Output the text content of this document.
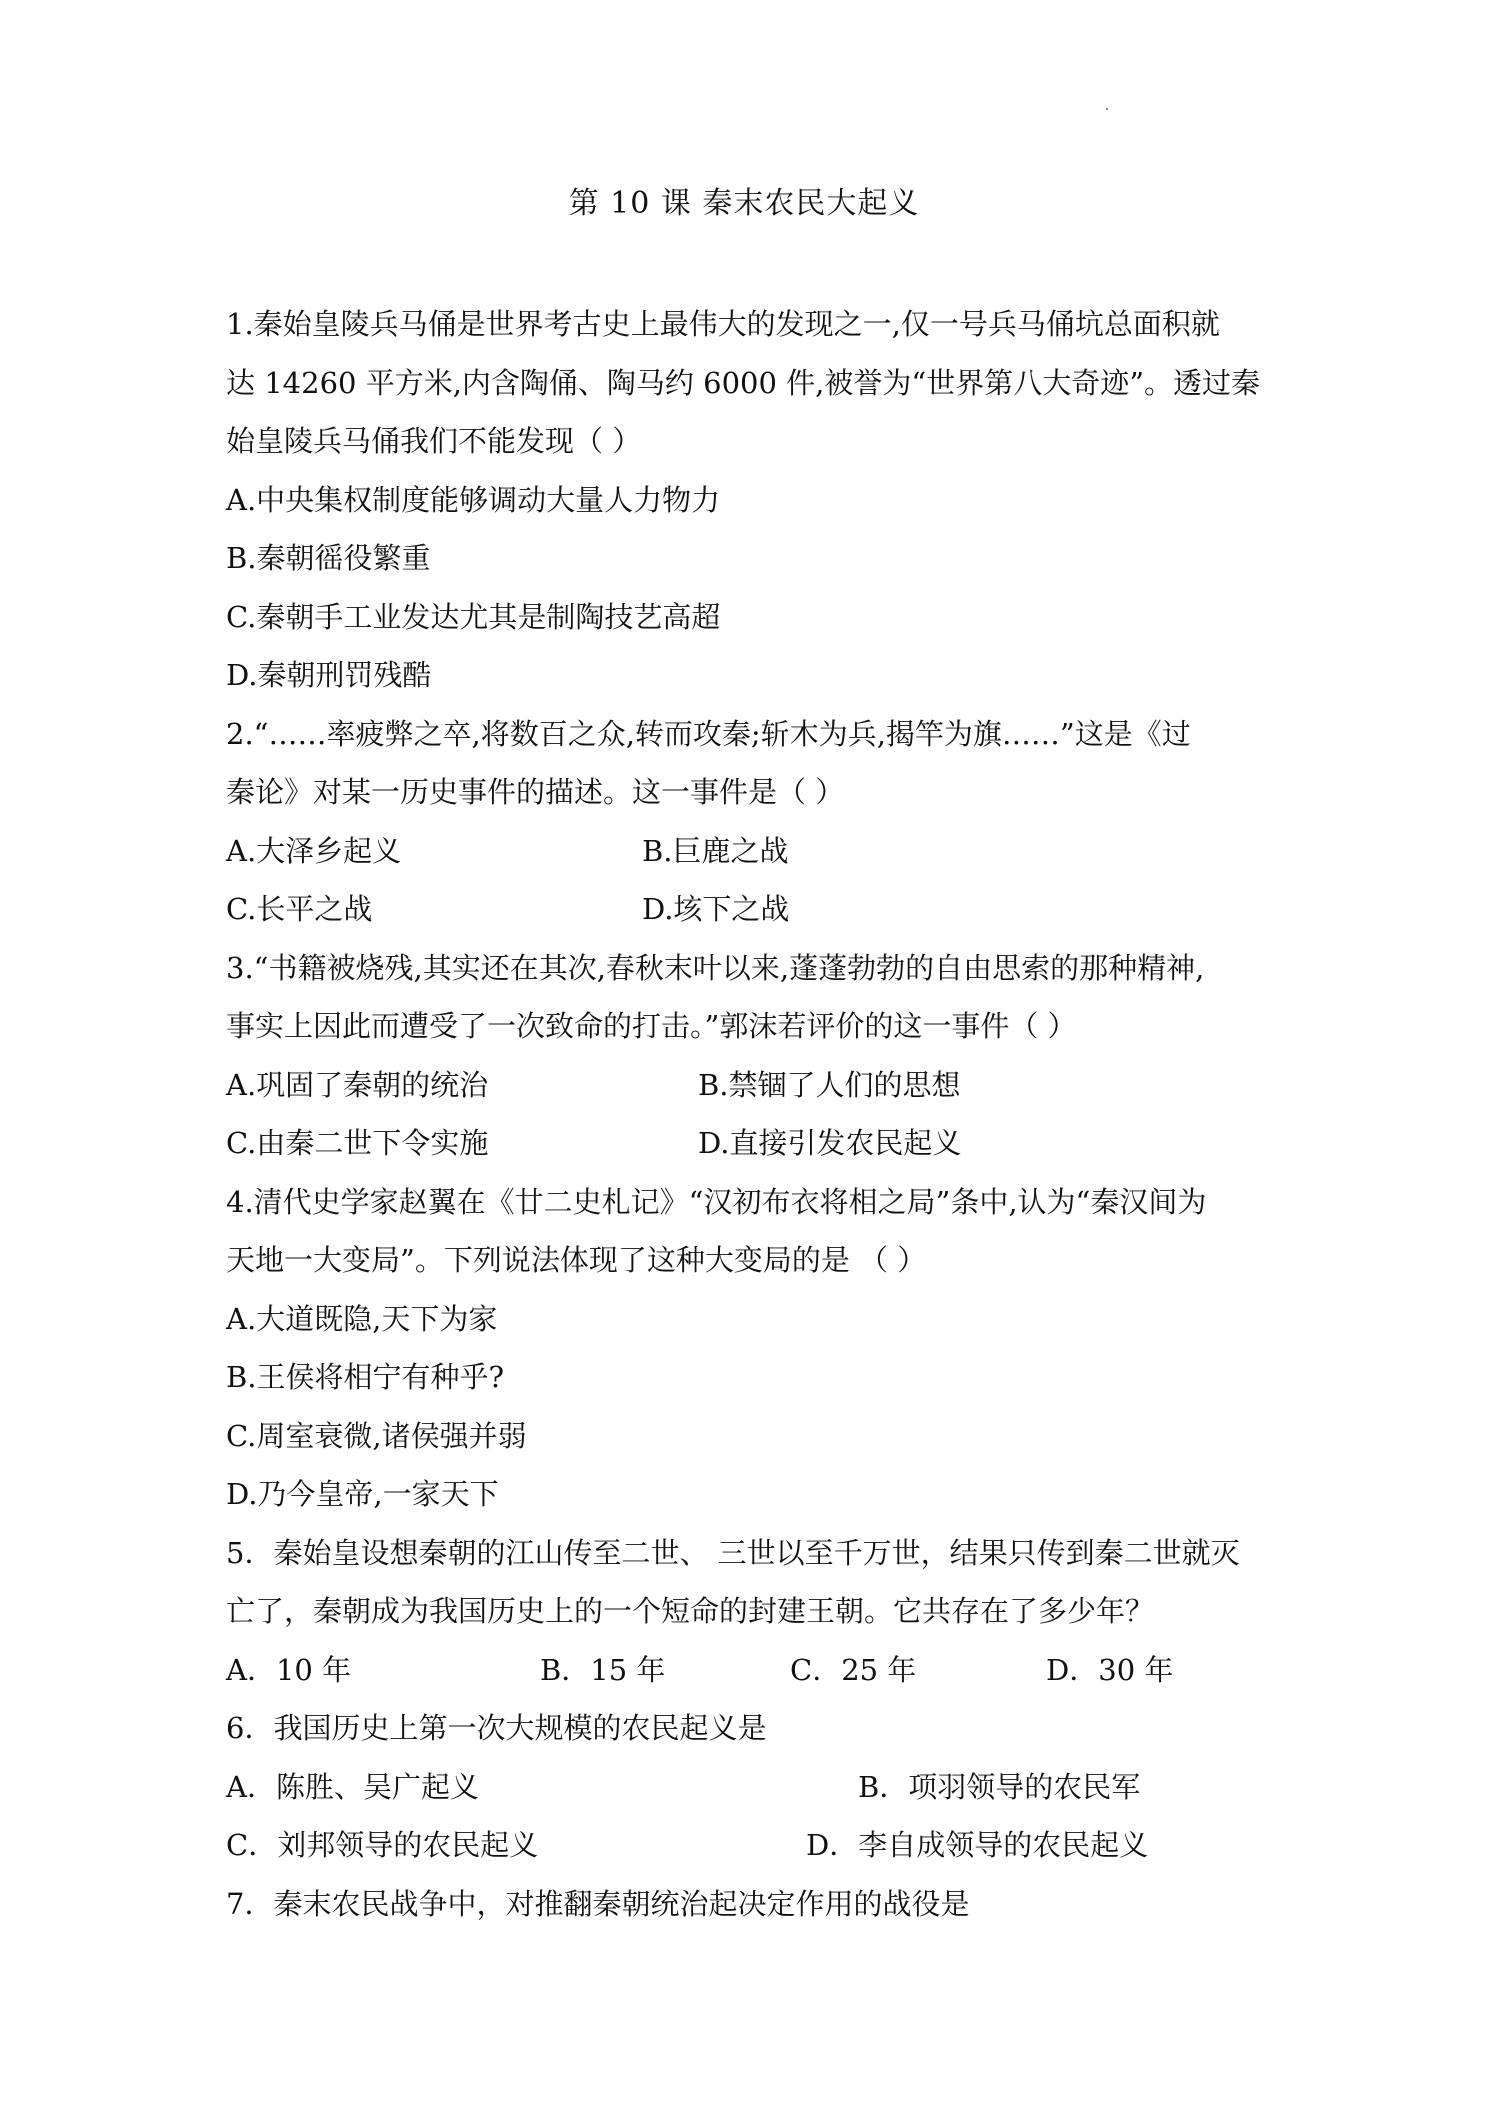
第 10 课 秦末农民大起义
1.秦始皇陵兵马俑是世界考古史上最伟大的发现之一,仅一号兵马俑坑总面积就
达 14260 平方米,内含陶俑、陶马约 6000 件,被誉为“世界第八大奇迹”。透过秦
始皇陵兵马俑我们不能发现（ ）
A.中央集权制度能够调动大量人力物力
B.秦朝徭役繁重
C.秦朝手工业发达尤其是制陶技艺高超
D.秦朝刑罚残酷
2.“……率疲弊之卒,将数百之众,转而攻秦;斩木为兵,揭竿为旗……”这是《过
秦论》对某一历史事件的描述。这一事件是（ ）
A.大泽乡起义	B.巨鹿之战
C.长平之战	D.垓下之战
3.“书籍被烧残,其实还在其次,春秋末叶以来,蓬蓬勃勃的自由思索的那种精神,
事实上因此而遭受了一次致命的打击。”郭沫若评价的这一事件（ ）
A.巩固了秦朝的统治	B.禁锢了人们的思想
C.由秦二世下令实施	D.直接引发农民起义
4.清代史学家赵翼在《廿二史札记》“汉初布衣将相之局”条中,认为“秦汉间为
天地一大变局”。下列说法体现了这种大变局的是 （ ）
A.大道既隐,天下为家
B.王侯将相宁有种乎?
C.周室衰微,诸侯强并弱
D.乃今皇帝,一家天下
5．秦始皇设想秦朝的江山传至二世、 三世以至千万世，结果只传到秦二世就灭
亡了，秦朝成为我国历史上的一个短命的封建王朝。它共存在了多少年？
A．10 年	B．15 年	C．25 年	D．30 年
6．我国历史上第一次大规模的农民起义是
A．陈胜、吴广起义	B．项羽领导的农民军
C．刘邦领导的农民起义	D．李自成领导的农民起义
7．秦末农民战争中，对推翻秦朝统治起决定作用的战役是
